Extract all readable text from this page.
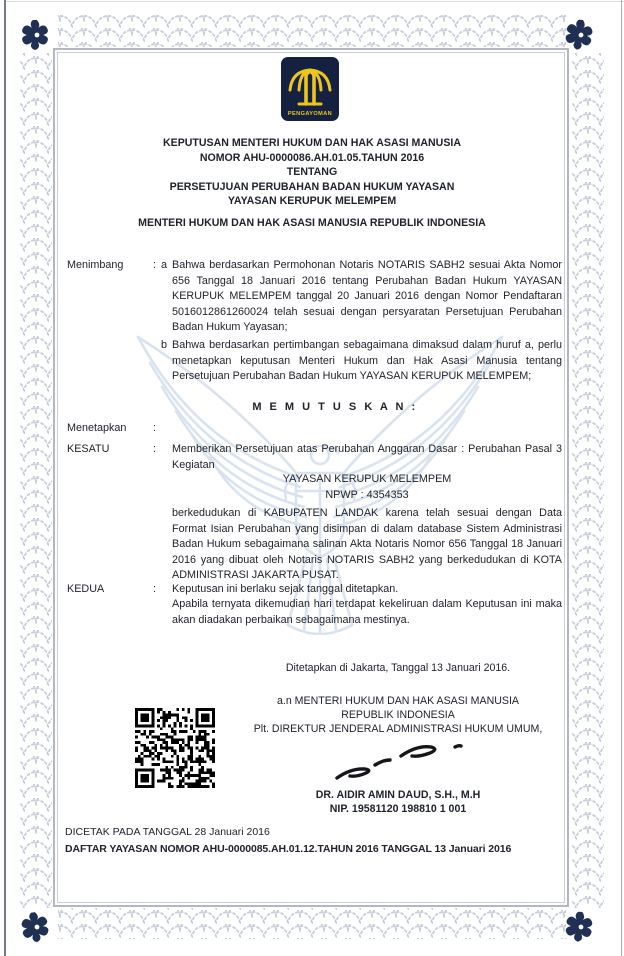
PENGAYOMAN
KEPUTUSAN MENTERI HUKUM DAN HAK ASASI MANUSIA
NOMOR AHU-0000086.AH.01.05.TAHUN 2016
TENTANG
PERSETUJUAN PERUBAHAN BADAN HUKUM YAYASAN
YAYASAN KERUPUK MELEMPEM
MENTERI HUKUM DAN HAK ASASI MANUSIA REPUBLIK INDONESIA
Menimbang	: a Bahwa berdasarkan Permohonan Notaris NOTARIS SABH2 sesuai Akta Nomor 656 Tanggal 18 Januari 2016 tentang Perubahan Badan Hukum YAYASAN KERUPUK MELEMPEM tanggal 20 Januari 2016 dengan Nomor Pendaftaran 5016012861260024 telah sesuai dengan persyaratan Persetujuan Perubahan Badan Hukum Yayasan;
b Bahwa berdasarkan pertimbangan sebagaimana dimaksud dalam huruf a, perlu menetapkan keputusan Menteri Hukum dan Hak Asasi Manusia tentang Persetujuan Perubahan Badan Hukum YAYASAN KERUPUK MELEMPEM;
M E M U T U S K A N :
Menetapkan :
KESATU	: Memberikan Persetujuan atas Perubahan Anggaran Dasar : Perubahan Pasal 3 Kegiatan
YAYASAN KERUPUK MELEMPEM
NPWP : 4354353
berkedudukan di KABUPATEN LANDAK karena telah sesuai dengan Data Format Isian Perubahan yang disimpan di dalam database Sistem Administrasi Badan Hukum sebagaimana salinan Akta Notaris Nomor 656 Tanggal 18 Januari 2016 yang dibuat oleh Notaris NOTARIS SABH2 yang berkedudukan di KOTA ADMINISTRASI JAKARTA PUSAT.
KEDUA	: Keputusan ini berlaku sejak tanggal ditetapkan.
Apabila ternyata dikemudian hari terdapat kekeliruan dalam Keputusan ini maka akan diadakan perbaikan sebagaimana mestinya.
Ditetapkan di Jakarta, Tanggal 13 Januari 2016.
a.n MENTERI HUKUM DAN HAK ASASI MANUSIA
REPUBLIK INDONESIA
Plt. DIREKTUR JENDERAL ADMINISTRASI HUKUM UMUM,
DR. AIDIR AMIN DAUD, S.H., M.H
NIP. 19581120 198810 1 001
DICETAK PADA TANGGAL 28 Januari 2016
DAFTAR YAYASAN NOMOR AHU-0000085.AH.01.12.TAHUN 2016 TANGGAL 13 Januari 2016
